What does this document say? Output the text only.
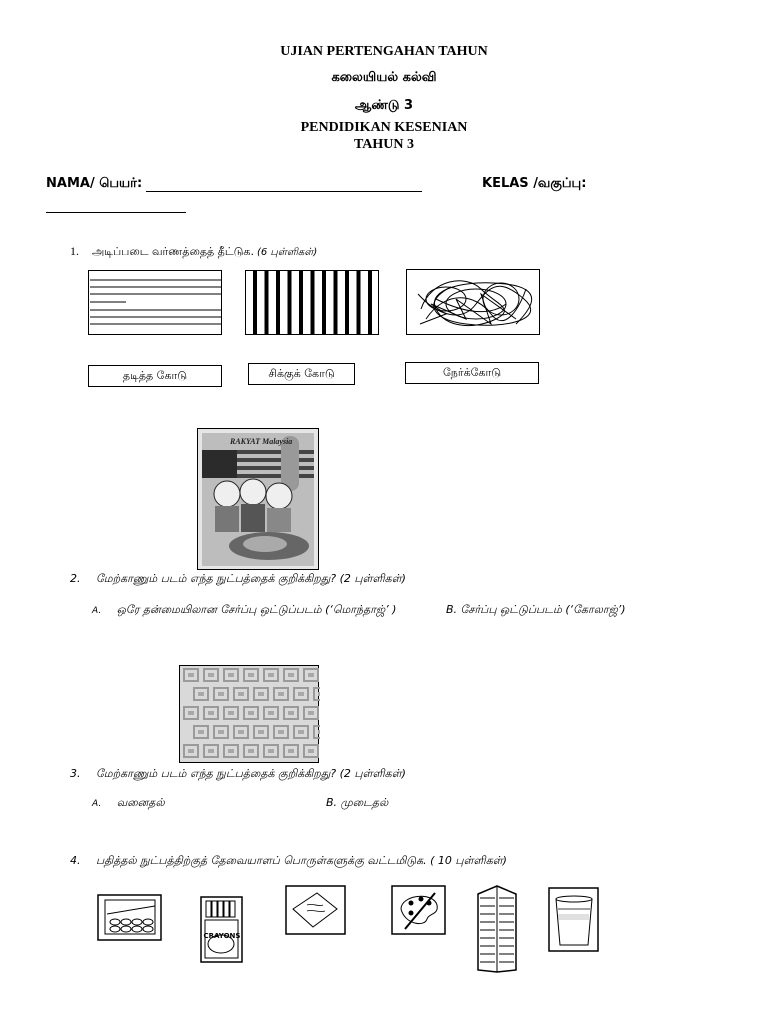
UJIAN PERTENGAHAN TAHUN
கலையியல் கல்வி
ஆண்டு 3
PENDIDIKAN KESENIAN
TAHUN 3
NAMA/ பெயர்:	KELAS /வகுப்பு:
1. அடிப்படை வர்ணத்தைத் தீட்டுக. (6 புள்ளிகள்)
தடித்த கோடு	சிக்குக் கோடு	நேர்க்கோடு
RAKYAT Malaysia
2. மேற்காணும் படம் எந்த நுட்பத்தைக் குறிக்கிறது? (2 புள்ளிகள்)
A. ஒரே தன்மையிலான சேர்ப்பு ஒட்டுப்படம் (‘மொந்தாஜ்’ )	B. சேர்ப்பு ஒட்டுப்படம் (‘கோலாஜ்’)
3. மேற்காணும் படம் எந்த நுட்பத்தைக் குறிக்கிறது? (2 புள்ளிகள்)
A. வனைதல்	B. முடைதல்
4. பதித்தல் நுட்பத்திற்குத் தேவையாளப் பொருள்களுக்கு வட்டமிடுக. ( 10 புள்ளிகள்)
CRAYONS
